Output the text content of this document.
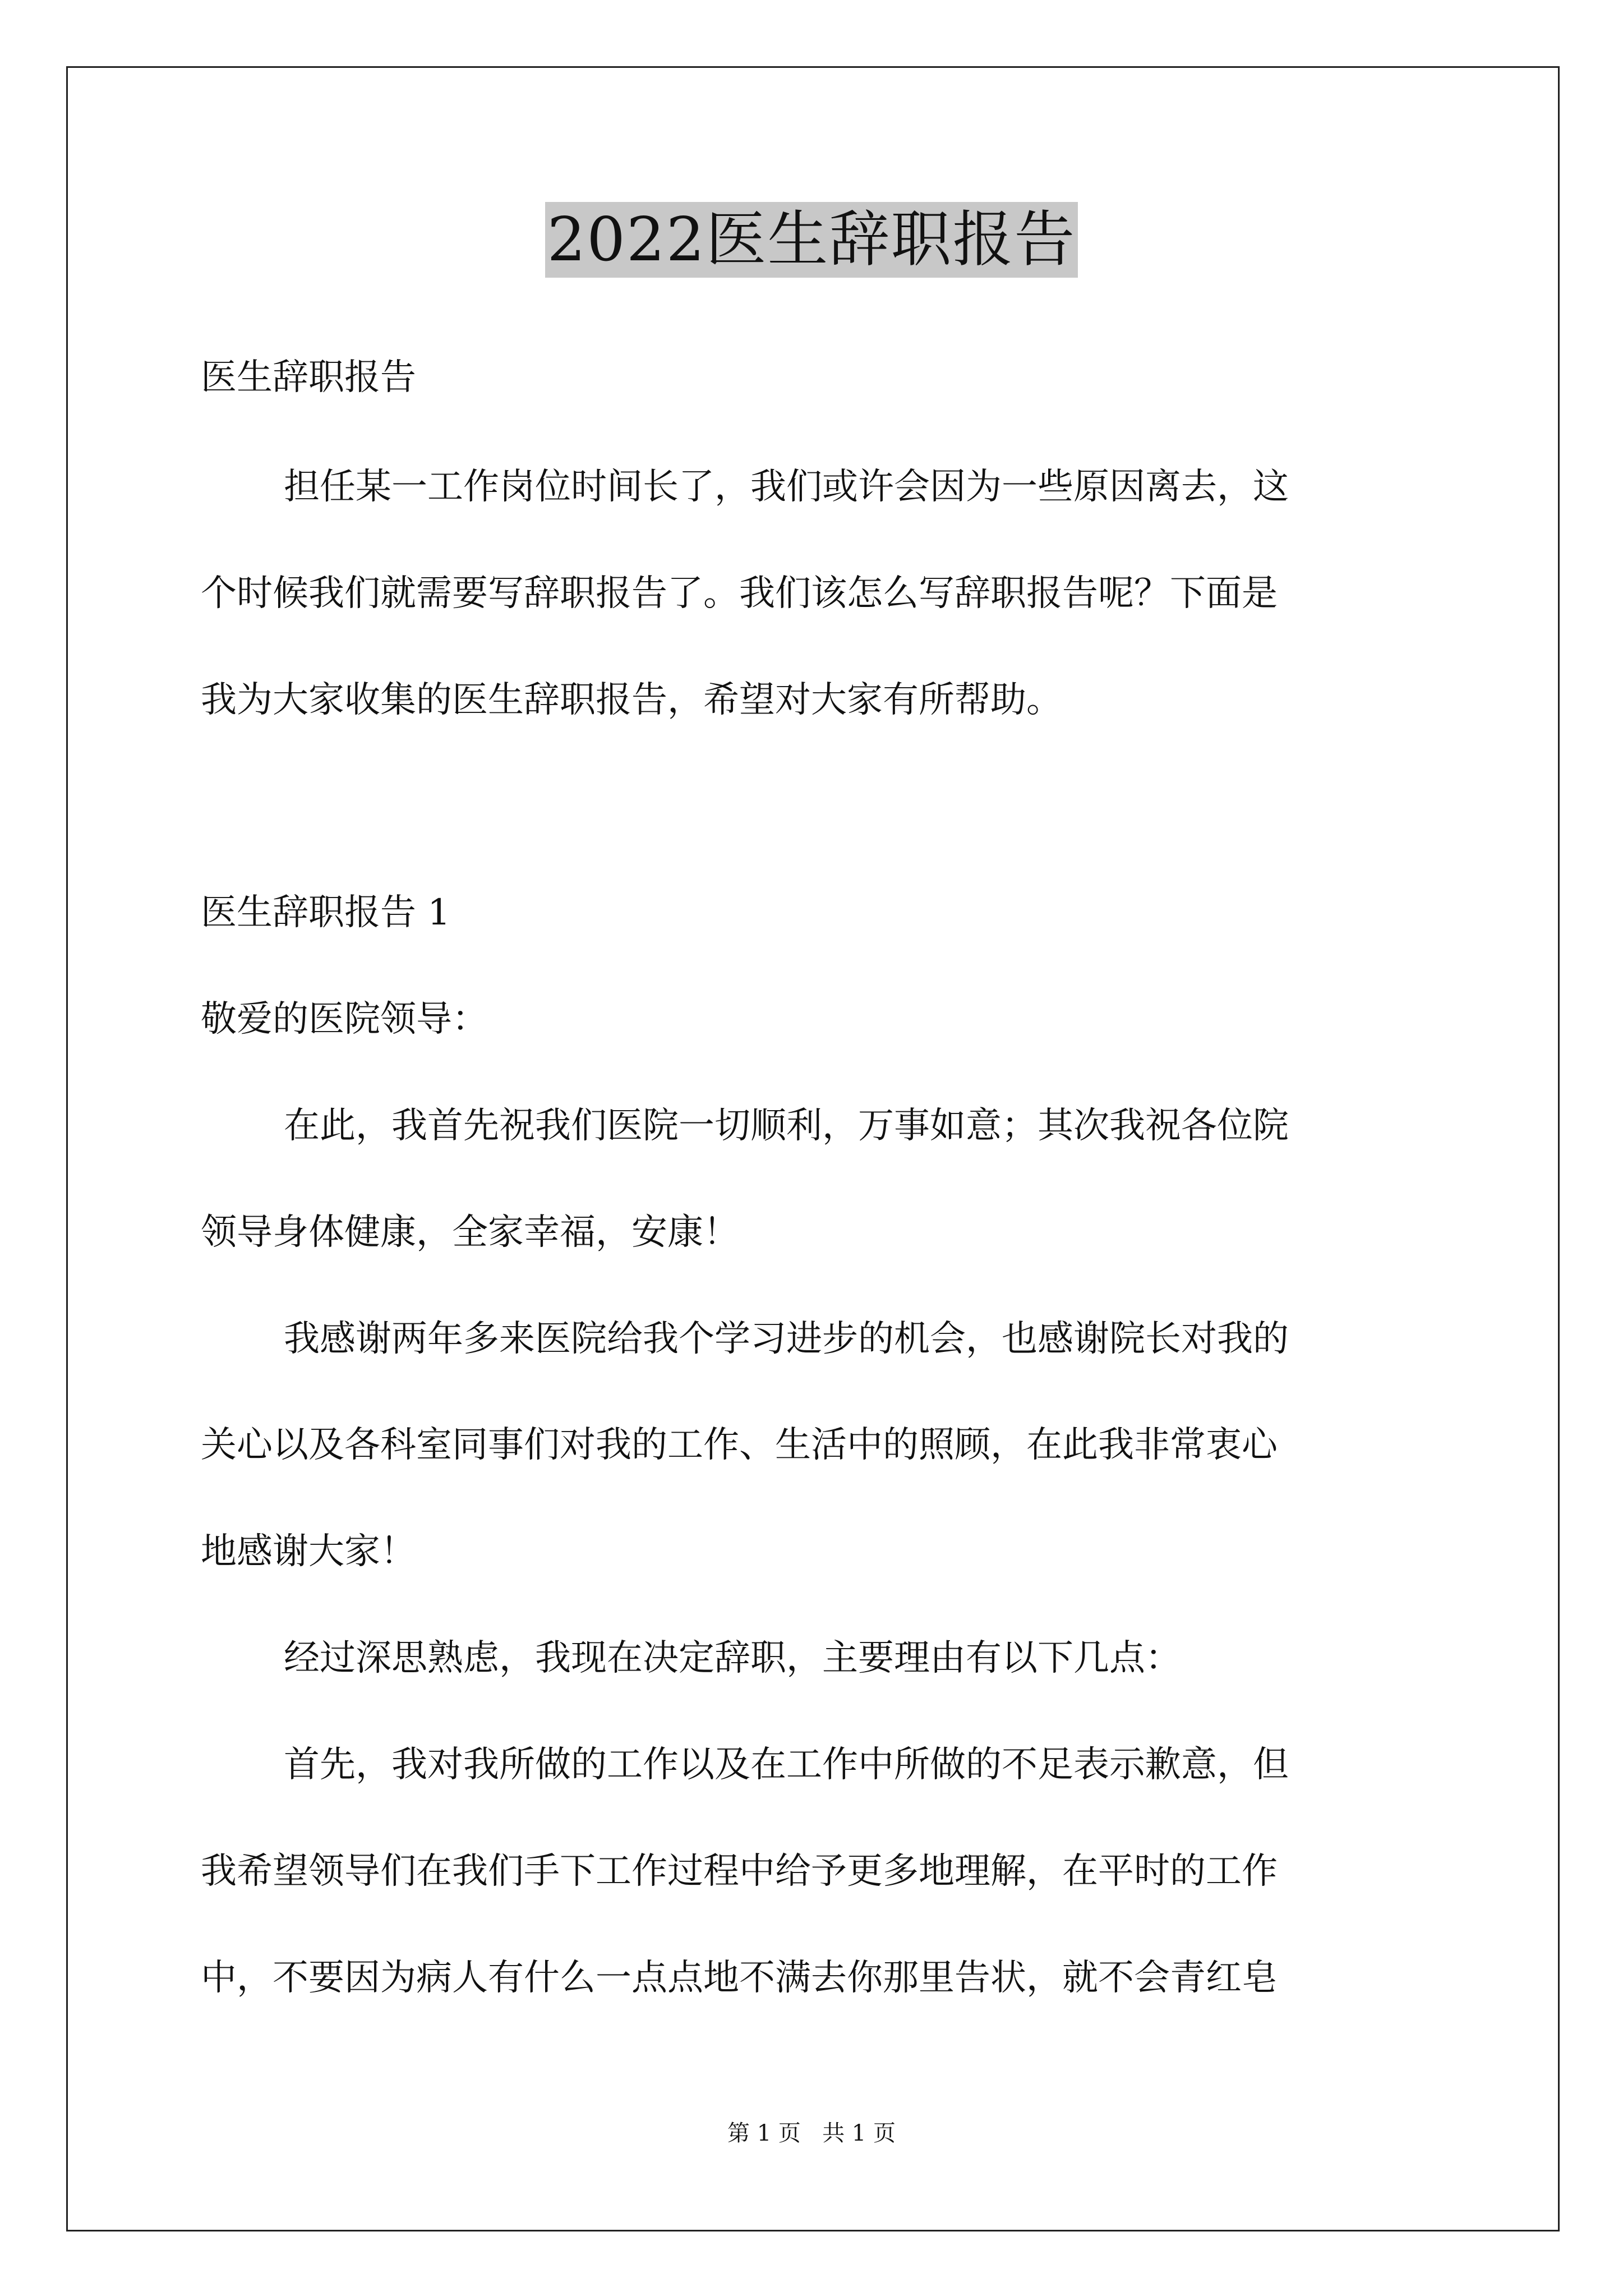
2022医生辞职报告
医生辞职报告
担任某一工作岗位时间长了，我们或许会因为一些原因离去，这
个时候我们就需要写辞职报告了。我们该怎么写辞职报告呢？下面是
我为大家收集的医生辞职报告，希望对大家有所帮助。
医生辞职报告 1
敬爱的医院领导：
在此，我首先祝我们医院一切顺利，万事如意；其次我祝各位院
领导身体健康，全家幸福，安康！
我感谢两年多来医院给我个学习进步的机会，也感谢院长对我的
关心以及各科室同事们对我的工作、生活中的照顾，在此我非常衷心
地感谢大家！
经过深思熟虑，我现在决定辞职，主要理由有以下几点：
首先，我对我所做的工作以及在工作中所做的不足表示歉意，但
我希望领导们在我们手下工作过程中给予更多地理解，在平时的工作
中，不要因为病人有什么一点点地不满去你那里告状，就不会青红皂
第 1 页   共 1 页
